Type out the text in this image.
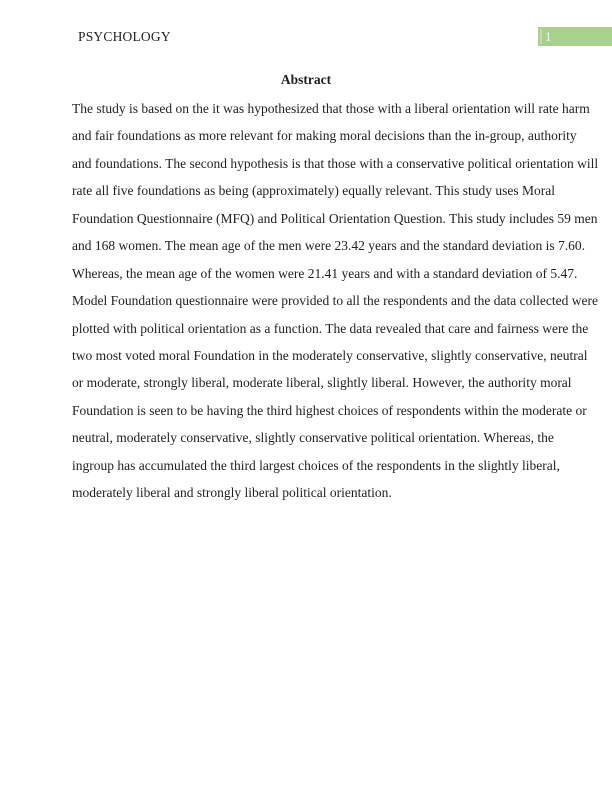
PSYCHOLOGY	1
Abstract
The study is based on the it was hypothesized that those with a liberal orientation will rate harm
and fair foundations as more relevant for making moral decisions than the in-group, authority
and foundations. The second hypothesis is that those with a conservative political orientation will
rate all five foundations as being (approximately) equally relevant. This study uses Moral
Foundation Questionnaire (MFQ) and Political Orientation Question. This study includes 59 men
and 168 women. The mean age of the men were 23.42 years and the standard deviation is 7.60.
Whereas, the mean age of the women were 21.41 years and with a standard deviation of 5.47.
Model Foundation questionnaire were provided to all the respondents and the data collected were
plotted with political orientation as a function. The data revealed that care and fairness were the
two most voted moral Foundation in the moderately conservative, slightly conservative, neutral
or moderate, strongly liberal, moderate liberal, slightly liberal. However, the authority moral
Foundation is seen to be having the third highest choices of respondents within the moderate or
neutral, moderately conservative, slightly conservative political orientation. Whereas, the
ingroup has accumulated the third largest choices of the respondents in the slightly liberal,
moderately liberal and strongly liberal political orientation.
